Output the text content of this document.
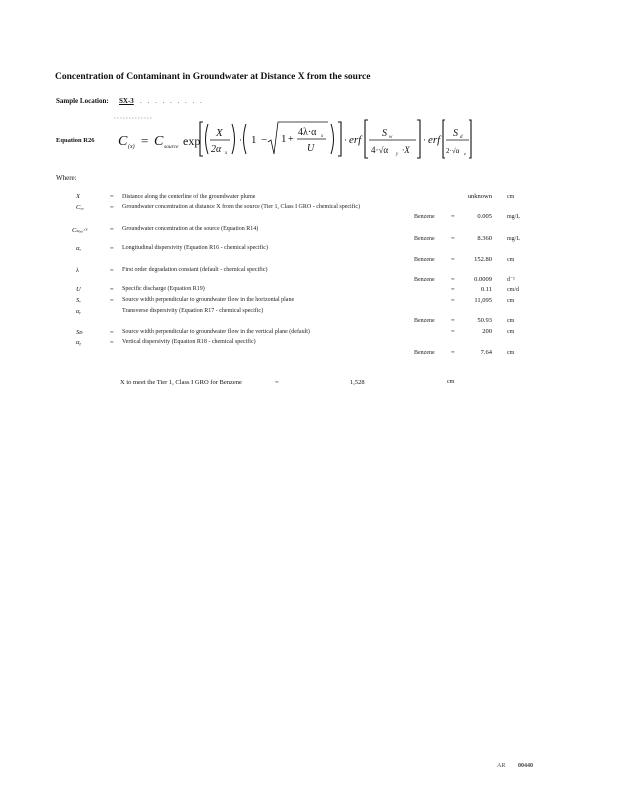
Concentration of Contaminant in Groundwater at Distance X from the source
Sample Location: SX-3 . . . . . . . . .
Equation R26 C (x) = C source exp
X
2α x
· 1 − 1 +
4λ·α x
U
· erf
S w
4·√α y ·X
· erf
S d
2·√α z
Where:
X	= Distance along the centerline of the groundwater plume	unknown	cm
Cₓₓ	= Groundwater concentration at distance X from the source (Tier 1, Class I GRO - chemical specific)
Benzene	=	0.005	mg/L
Cₛₒᵤᵣᶜᵉ	= Groundwater concentration at the source (Equation R14)
Benzene	=	8.360	mg/L
αₓ	= Longitudinal dispersivity (Equation R16 - chemical specific)
Benzene	=	152.80	cm
λ	= First order degradation constant (default - chemical specific)
Benzene	=	0.0009	d⁻¹
U	= Specific discharge (Equation R19)	=	0.11	cm/d
Sᵥ	= Source width perpendicular to groundwater flow in the horizontal plane	=	11,095	cm
αᵧ	Transverse dispersivity (Equation R17 - chemical specific)
Benzene	=	50.93	cm
Sᴅ	= Source width perpendicular to groundwater flow in the vertical plane (default)	=	200	cm
αᵪ	= Vertical dispersivity (Equation R18 - chemical specific)
Benzene	=	7.64	cm
X to meet the Tier 1, Class I GRO for Benzene	=	1,528	cm
AR 00440
